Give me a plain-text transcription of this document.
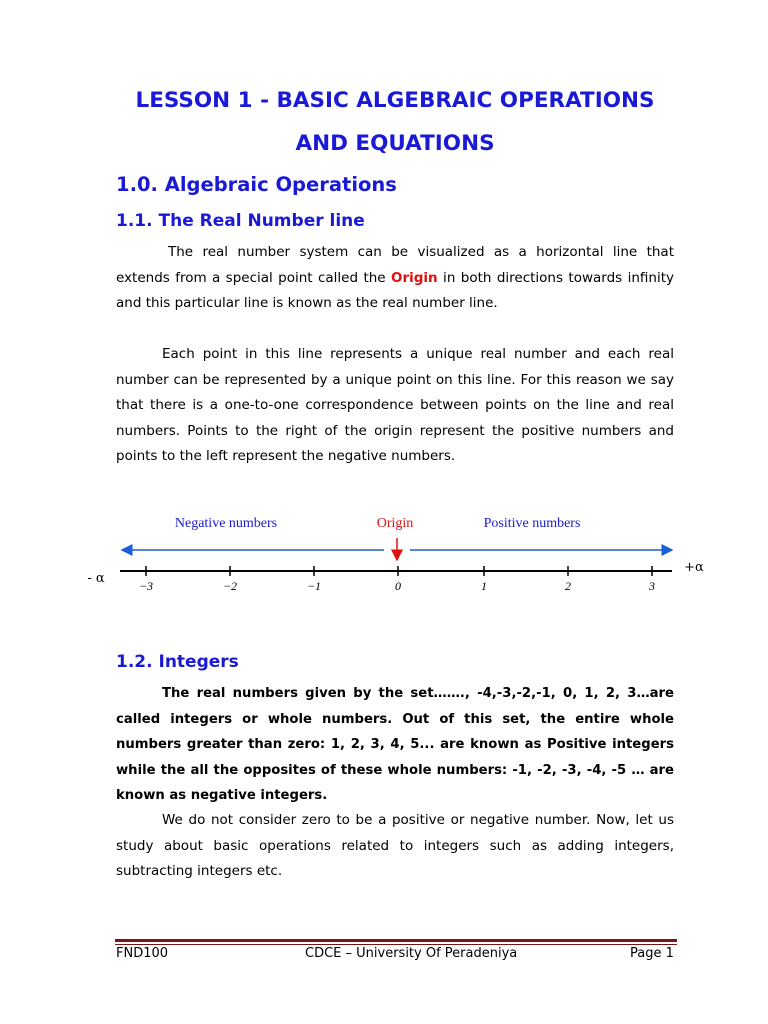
LESSON 1 - BASIC ALGEBRAIC OPERATIONS
AND EQUATIONS
1.0. Algebraic Operations
1.1. The Real Number line
The real number system can be visualized as a horizontal line that extends from a special point called the Origin in both directions towards infinity and this particular line is known as the real number line.
Each point in this line represents a unique real number and each real number can be represented by a unique point on this line. For this reason we say that there is a one-to-one correspondence between points on the line and real numbers. Points to the right of the origin represent the positive numbers and points to the left represent the negative numbers.
Negative numbers	Origin	Positive numbers
−3	−2	−1	0	1	2	3
- α
+α
1.2. Integers
The real numbers given by the set……., -4,-3,-2,-1, 0, 1, 2, 3…are called integers or whole numbers. Out of this set, the entire whole numbers greater than zero: 1, 2, 3, 4, 5... are known as Positive integers while the all the opposites of these whole numbers: -1, -2, -3, -4, -5 … are known as negative integers.
We do not consider zero to be a positive or negative number. Now, let us study about basic operations related to integers such as adding integers, subtracting integers etc.
FND100	CDCE – University Of Peradeniya	Page 1
